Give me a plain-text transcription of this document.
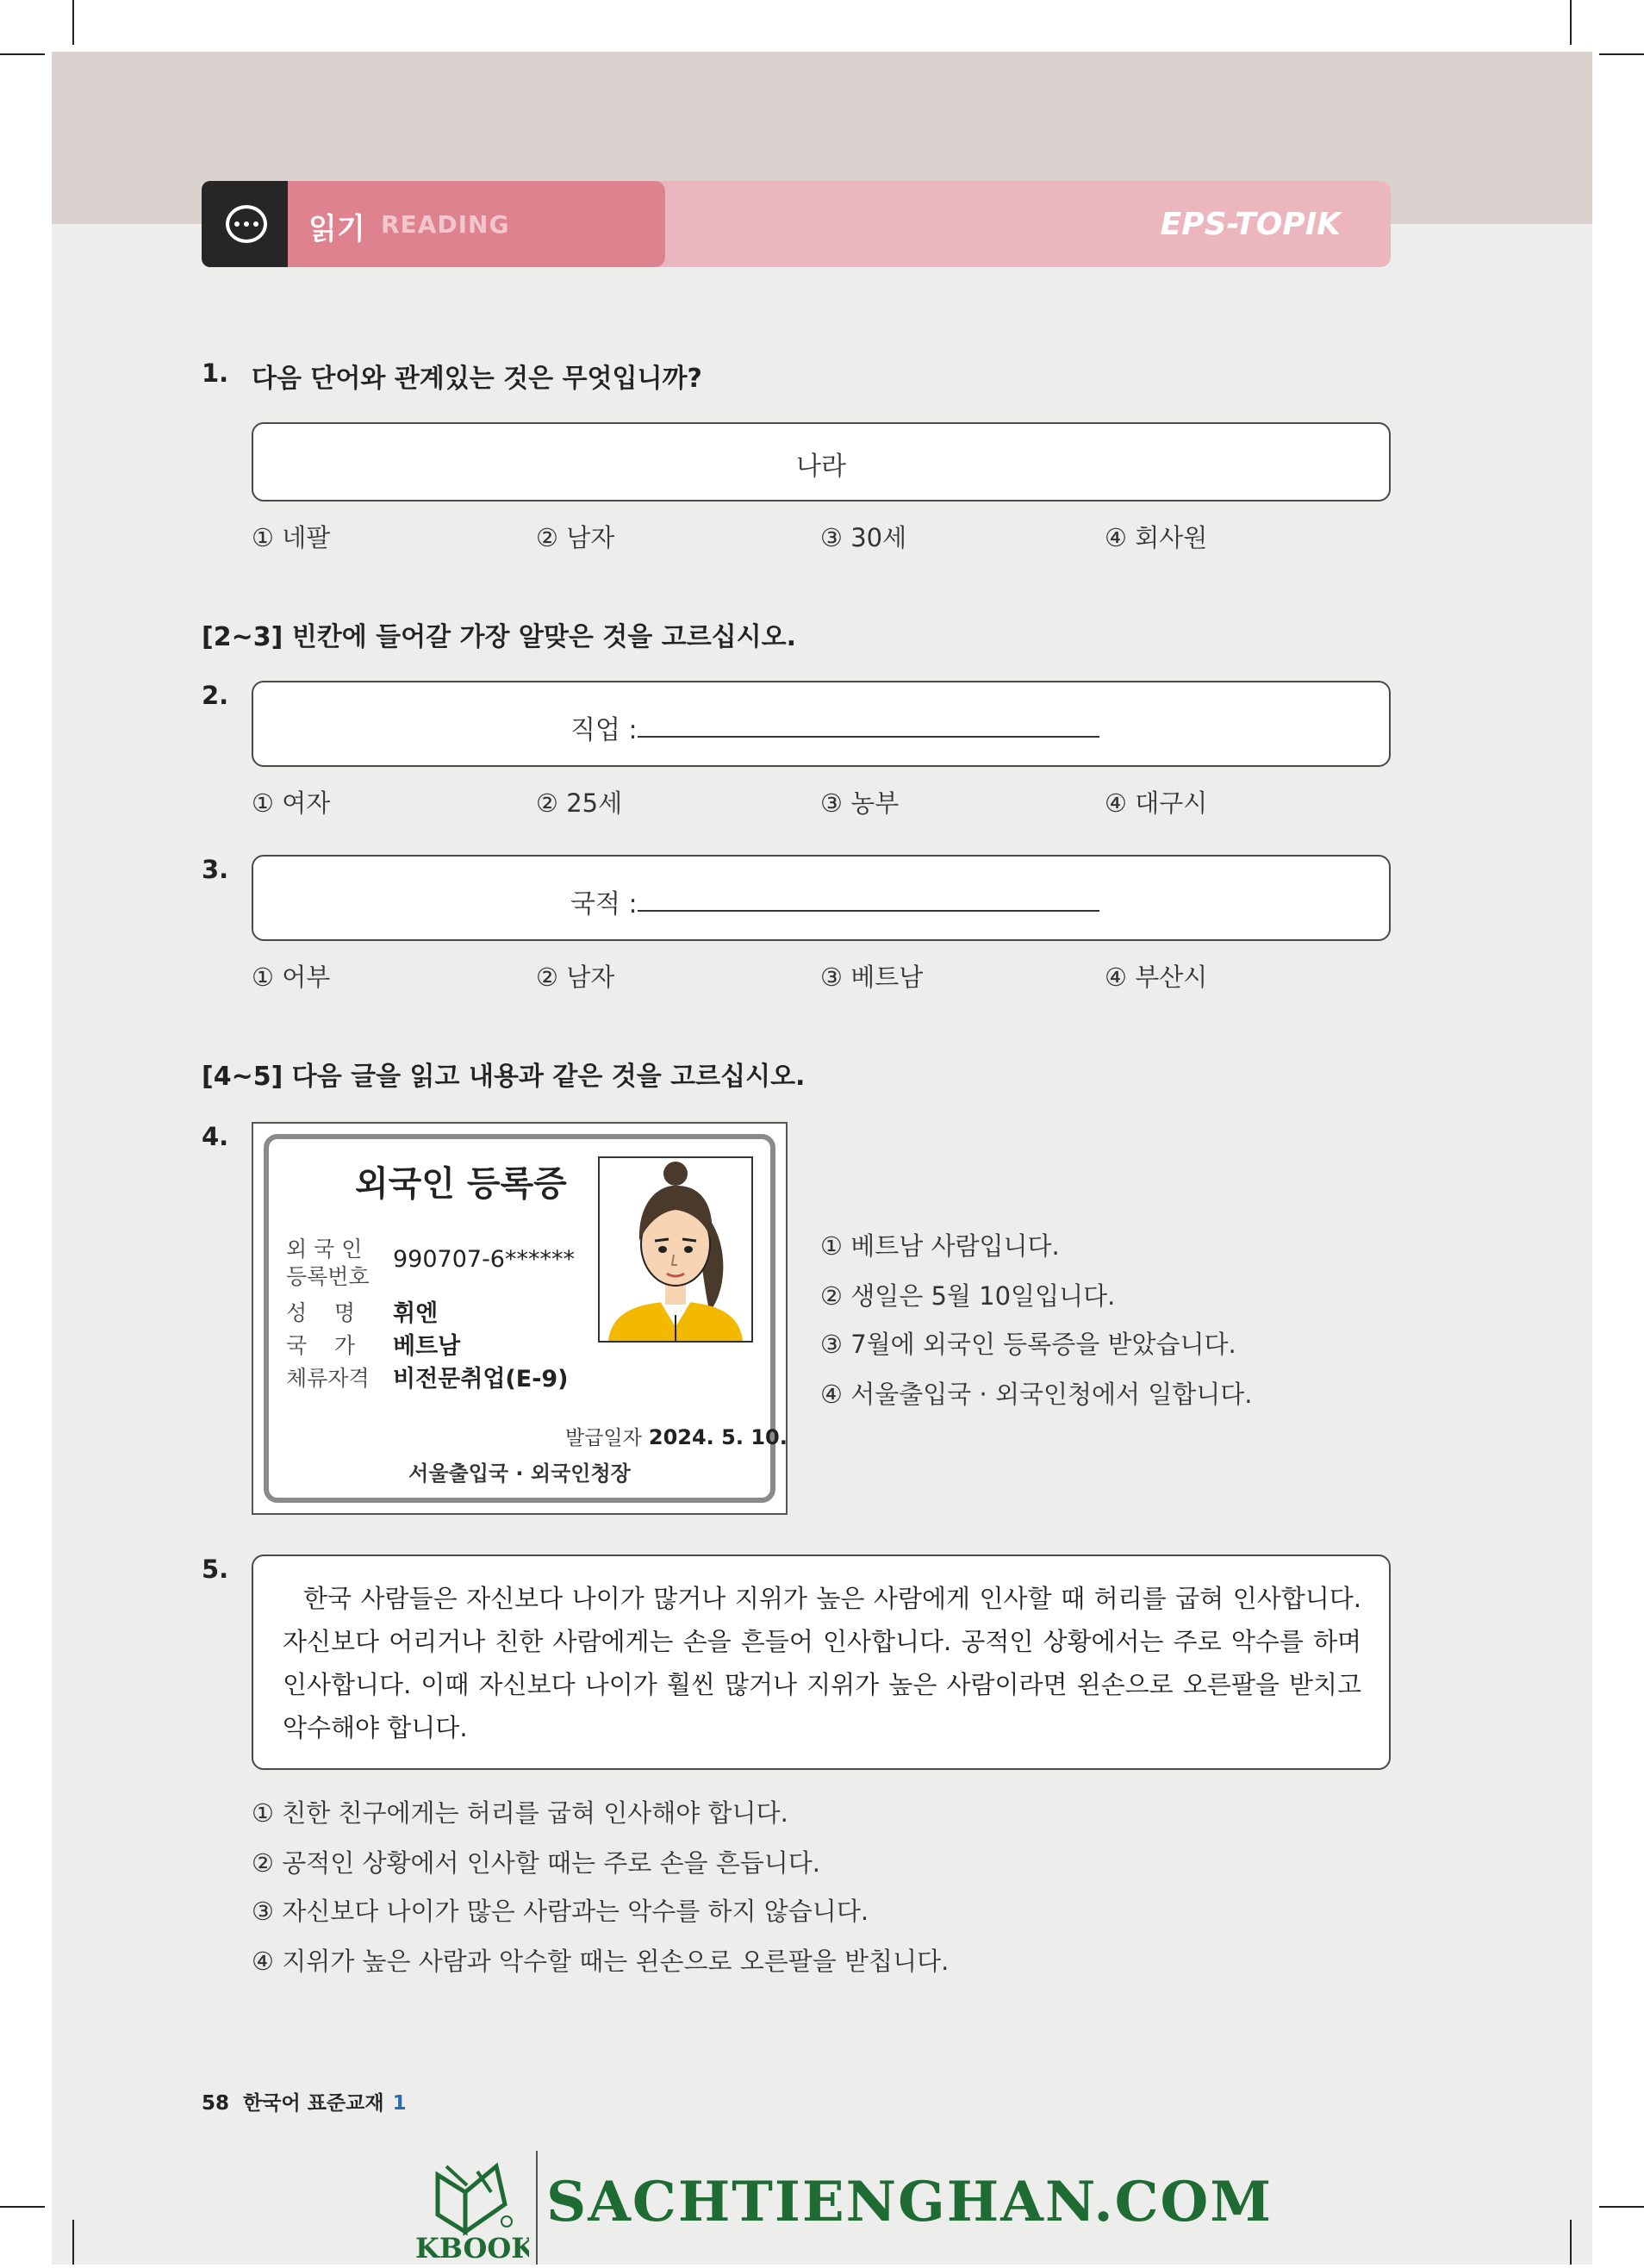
EPS-TOPIK
읽기 READING
1. 다음 단어와 관계있는 것은 무엇입니까?
나라
① 네팔	② 남자	③ 30세	④ 회사원
[2~3] 빈칸에 들어갈 가장 알맞은 것을 고르십시오.
2.
직업 :
① 여자	② 25세	③ 농부	④ 대구시
3.
국적 :
① 어부	② 남자	③ 베트남	④ 부산시
[4~5] 다음 글을 읽고 내용과 같은 것을 고르십시오.
4.
외국인 등록증
외 국 인
등록번호
990707-6******
성    명 휘엔
국    가 베트남
체류자격 비전문취업(E-9)
발급일자 2024. 5. 10.
서울출입국 · 외국인청장
① 베트남 사람입니다.
② 생일은 5월 10일입니다.
③ 7월에 외국인 등록증을 받았습니다.
④ 서울출입국 · 외국인청에서 일합니다.
5.

한국 사람들은 자신보다 나이가 많거나 지위가 높은 사람에게 인사할 때 허리를 굽혀 인사합니다. 자신보다 어리거나 친한 사람에게는 손을 흔들어 인사합니다. 공적인 상황에서는 주로 악수를 하며 인사합니다. 이때 자신보다 나이가 훨씬 많거나 지위가 높은 사람이라면 왼손으로 오른팔을 받치고 악수해야 합니다.

① 친한 친구에게는 허리를 굽혀 인사해야 합니다.
② 공적인 상황에서 인사할 때는 주로 손을 흔듭니다.
③ 자신보다 나이가 많은 사람과는 악수를 하지 않습니다.
④ 지위가 높은 사람과 악수할 때는 왼손으로 오른팔을 받칩니다.
58 한국어 표준교재 1
KBOOK
SACHTIENGHAN.COM
